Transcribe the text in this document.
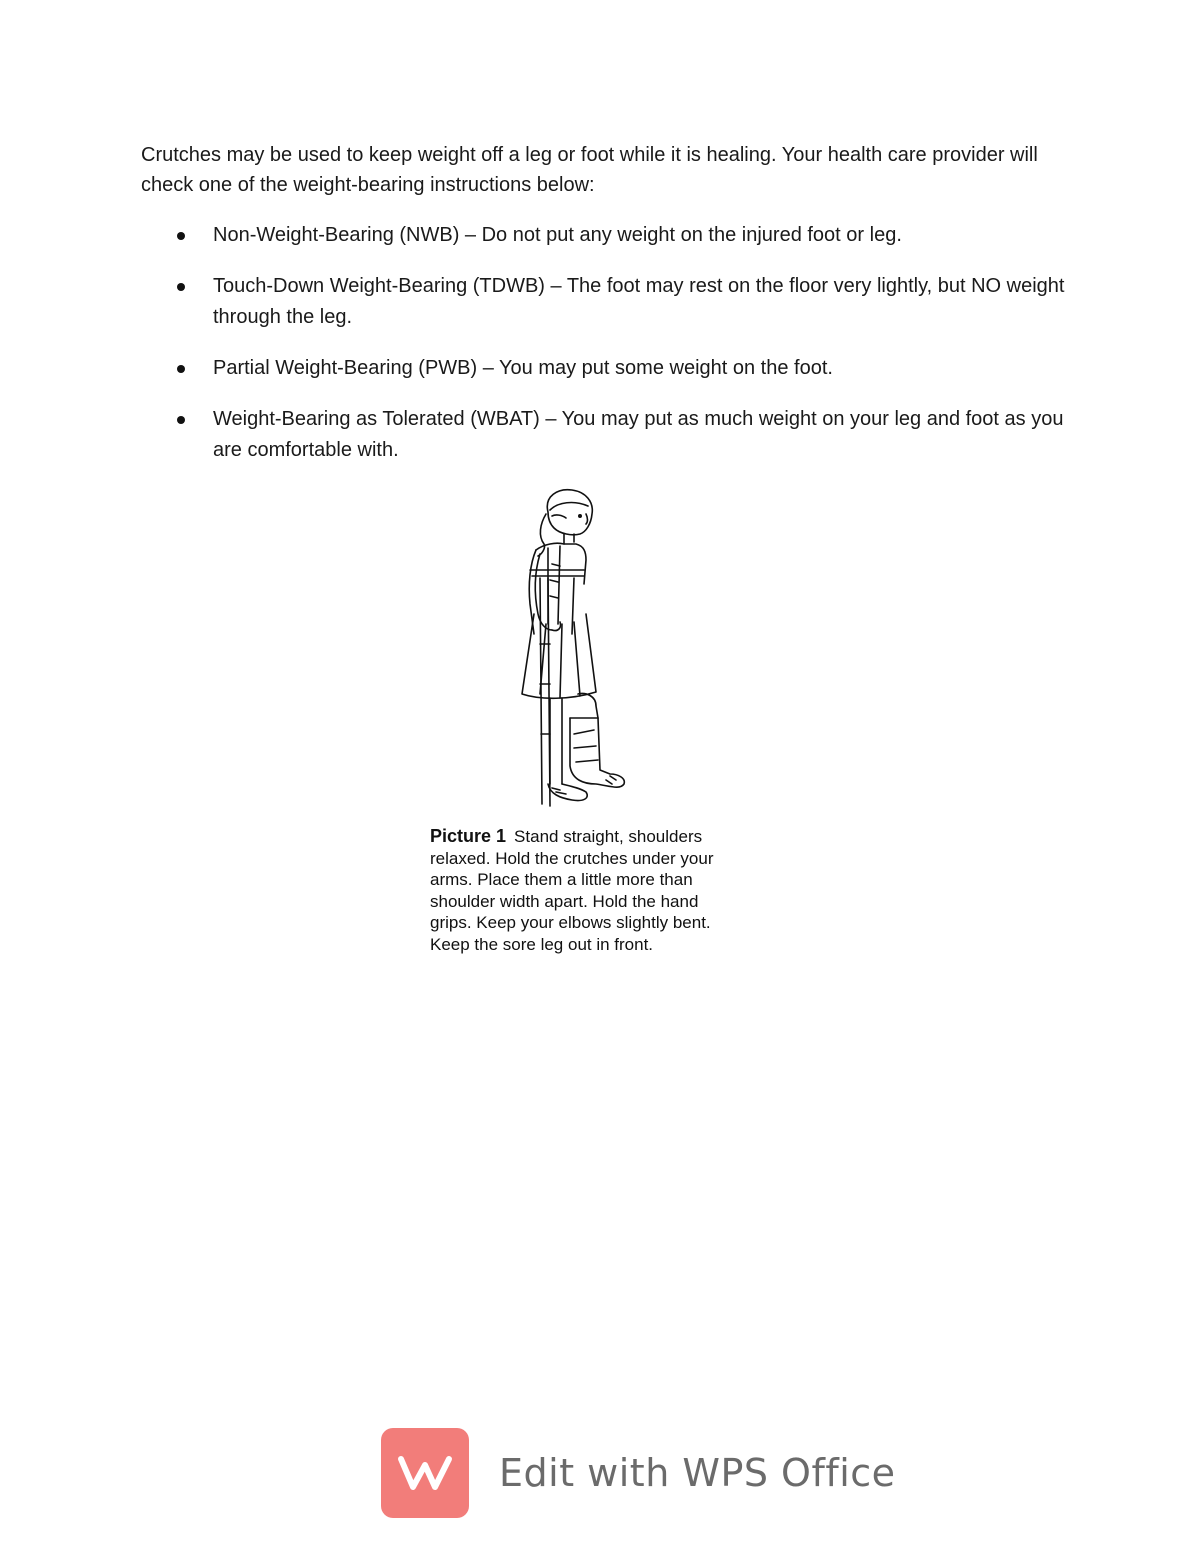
Crutches may be used to keep weight off a leg or foot while it is healing. Your health care provider will check one of the weight-bearing instructions below:

Non-Weight-Bearing (NWB) – Do not put any weight on the injured foot or leg.
Touch-Down Weight-Bearing (TDWB) – The foot may rest on the floor very lightly, but NO weight through the leg.
Partial Weight-Bearing (PWB) – You may put some weight on the foot.
Weight-Bearing as Tolerated (WBAT) – You may put as much weight on your leg and foot as you are comfortable with.
Picture 1 Stand straight, shoulders relaxed. Hold the crutches under your arms. Place them a little more than shoulder width apart. Hold the hand grips. Keep your elbows slightly bent. Keep the sore leg out in front.
Edit with WPS Office
